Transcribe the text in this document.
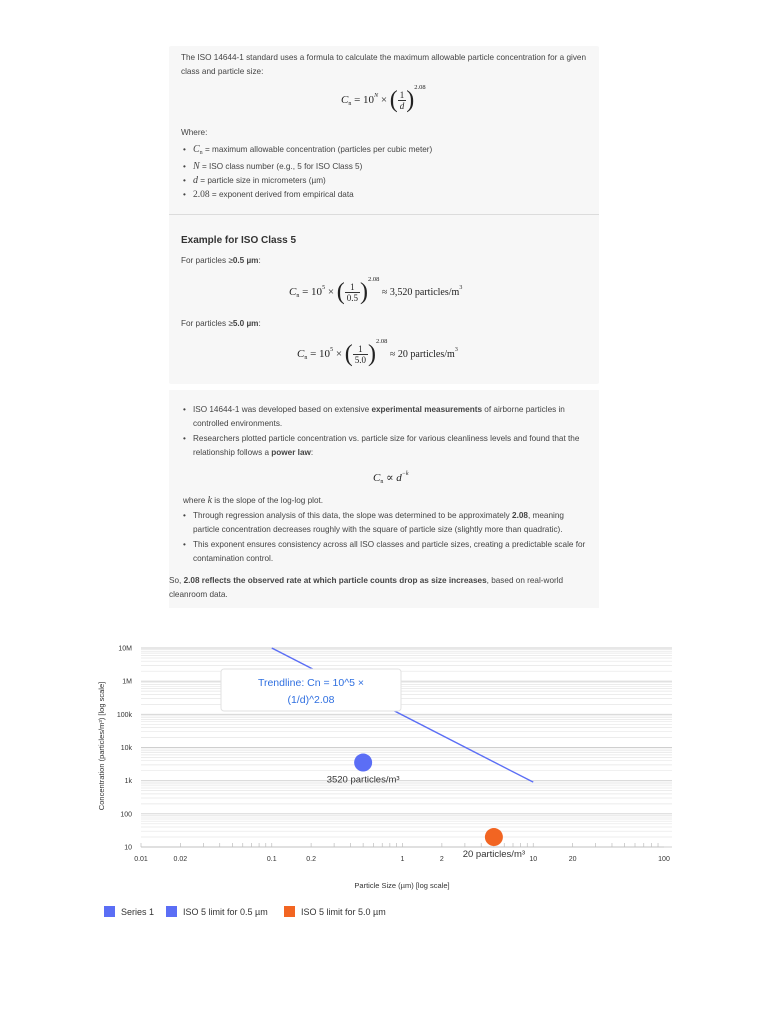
The ISO 14644-1 standard uses a formula to calculate the maximum allowable particle concentration for a given class and particle size:
$C_n = 10^N$ × ( $\frac{1}{d} )^{2.08}$
Where:
• $C_n$ = maximum allowable concentration (particles per cubic meter)
• N = ISO class number (e.g., 5 for ISO Class 5)
• d = particle size in micrometers (µm)
• 2.08 = exponent derived from empirical data
Example for ISO Class 5
For particles ≥0.5 µm:
$C_n = 10^5$ × ( $\frac{1}{0.5} )^{2.08} \approx 3,520$ particles/$m^3$
For particles ≥5.0 µm:
$C_n = 10^5$ × ( $\frac{1}{5.0} )^{2.08} \approx 20$ particles/$m^3$
• ISO 14644-1 was developed based on extensive experimental measurements of airborne particles in controlled environments.
• Researchers plotted particle concentration vs. particle size for various cleanliness levels and found that the relationship follows a power law:
$C_n \propto d^{-k}$
where k is the slope of the log-log plot.
• Through regression analysis of this data, the slope was determined to be approximately 2.08, meaning particle concentration decreases roughly with the square of particle size (slightly more than quadratic).
• This exponent ensures consistency across all ISO classes and particle sizes, creating a predictable scale for contamination control.
So, 2.08 reflects the observed rate at which particle counts drop as size increases, based on real-world cleanroom data.
0.01	0.02	0.1	0.2	1	2	10	20	100
10
100
1k
10k
100k
1M
10M
3520 particles/m³
20 particles/m³
Trendline: Cn = 10^5 ×
(1/d)^2.08
Particle Size (µm) [log scale]
Concentration (particles/m³) [log scale]
Series 1	ISO 5 limit for 0.5 µm	ISO 5 limit for 5.0 µm
